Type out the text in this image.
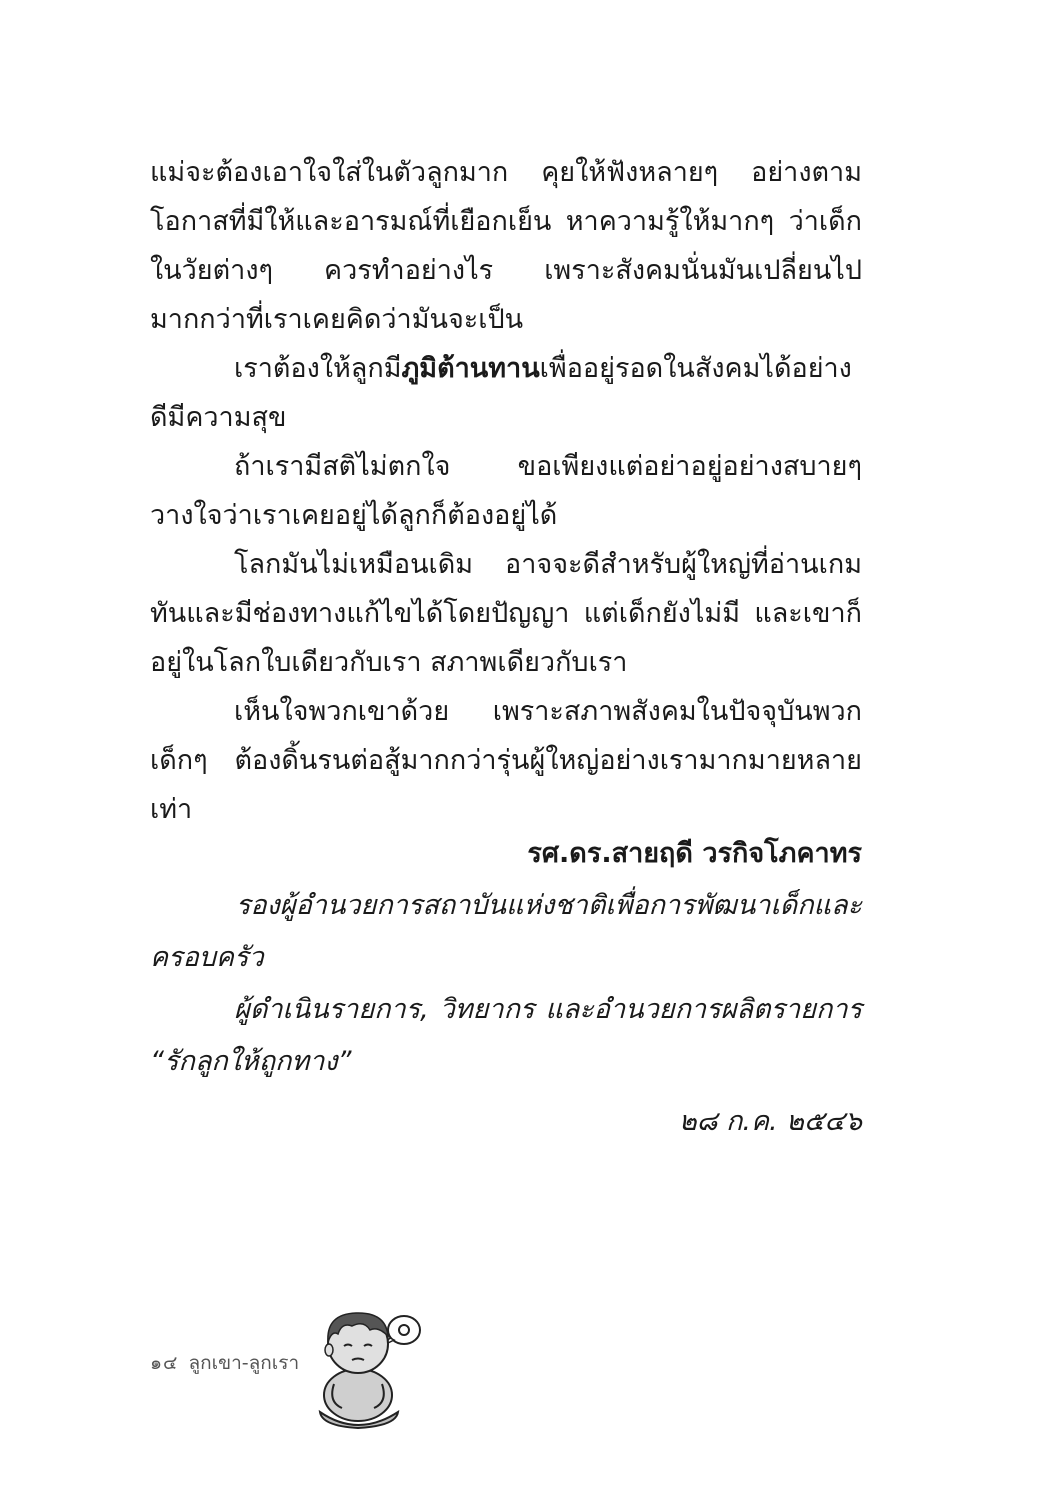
แม่จะต้องเอาใจใส่ในตัวลูกมาก คุยให้ฟังหลายๆ อย่างตามโอกาสที่มีให้และอารมณ์ที่เยือกเย็น หาความรู้ให้มากๆ ว่าเด็กในวัยต่างๆ ควรทำอย่างไร เพราะสังคมนั่นมันเปลี่ยนไปมากกว่าที่เราเคยคิดว่ามันจะเป็น

เราต้องให้ลูกมีภูมิต้านทานเพื่ออยู่รอดในสังคมได้อย่างดีมีความสุข

ถ้าเรามีสติไม่ตกใจ ขอเพียงแต่อย่าอยู่อย่างสบายๆ วางใจว่าเราเคยอยู่ได้ลูกก็ต้องอยู่ได้

โลกมันไม่เหมือนเดิม อาจจะดีสำหรับผู้ใหญ่ที่อ่านเกมทันและมีช่องทางแก้ไขได้โดยปัญญา แต่เด็กยังไม่มี และเขาก็อยู่ในโลกใบเดียวกับเรา สภาพเดียวกับเรา

เห็นใจพวกเขาด้วย เพราะสภาพสังคมในปัจจุบันพวกเด็กๆ ต้องดิ้นรนต่อสู้มากกว่ารุ่นผู้ใหญ่อย่างเรามากมายหลายเท่า

รศ.ดร.สายฤดี วรกิจโภคาทร

รองผู้อำนวยการสถาบันแห่งชาติเพื่อการพัฒนาเด็กและครอบครัว

ผู้ดำเนินรายการ, วิทยากร และอำนวยการผลิตรายการ “รักลูกให้ถูกทาง”

๒๘ ก.ค. ๒๕๔๖

๑๔ ลูกเขา-ลูกเรา
